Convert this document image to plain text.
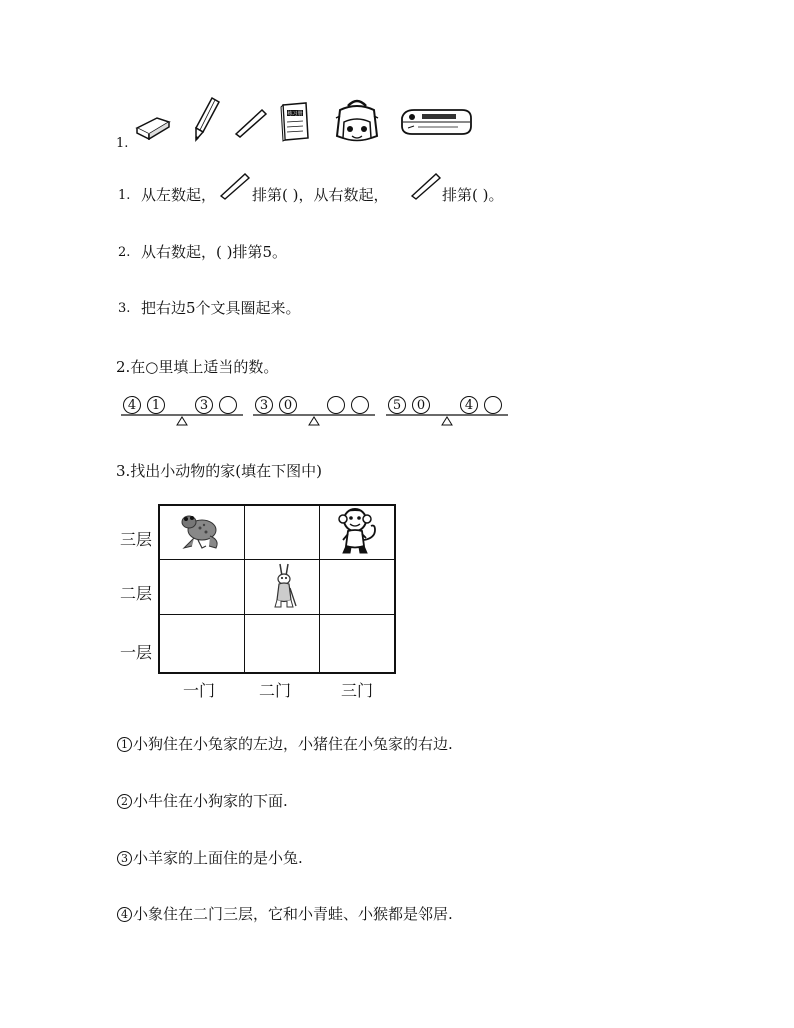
练习册
1.
1. 从左数起， 排第( )，从右数起，	排第( )。
2. 从右数起，( )排第5。
3. 把右边5个文具圈起来。
2.在○里填上适当的数。
4	1	3	3	0	5	0	4
3.找出小动物的家(填在下图中)
三层
二层
一层
一门	二门	三门
1 小狗住在小兔家的左边，小猪住在小兔家的右边.
2 小牛住在小狗家的下面.
3 小羊家的上面住的是小兔.
4 小象住在二门三层，它和小青蛙、小猴都是邻居.
